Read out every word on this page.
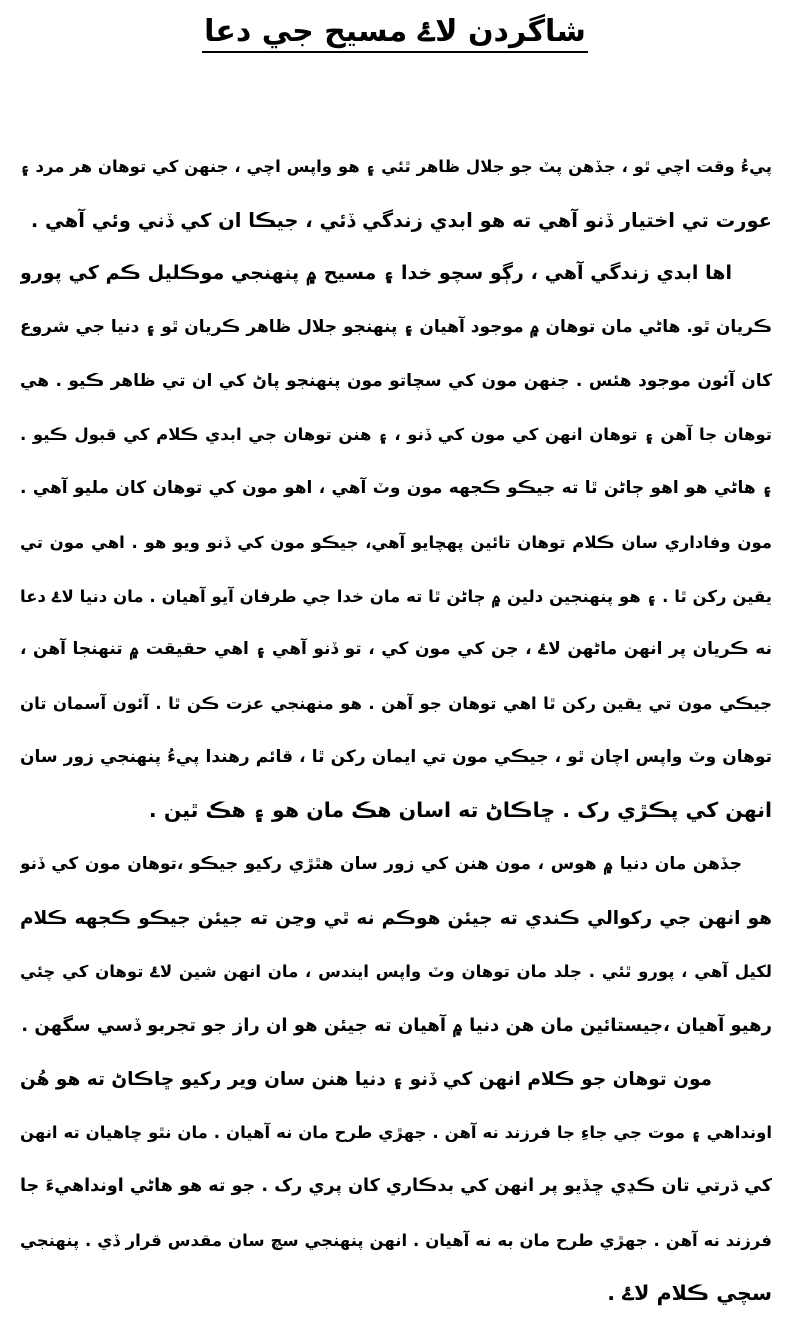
شاگردن لاۓ مسيح جي دعا
پيءُ وقت اچي ٿو ، جڏهن پٽ جو جلال ظاهر ٿئي ۽ هو واپس اچي ، جنهن کي توهان هر مرد ۽
عورت تي اختيار ڏنو آهي ته هو ابدي زندگي ڏئي ، جيڪا ان کي ڏني وئي آهي .
اها ابدي زندگي آهي ، رڳو سچو خدا ۽ مسيح ۾ پنهنجي موڪليل ڪم کي پورو
ڪريان ٿو. هاڻي مان توهان ۾ موجود آهيان ۽ پنهنجو جلال ظاهر ڪريان ٿو ۽ دنيا جي شروع
کان آئون موجود هئس . جنهن مون کي سچاتو مون پنهنجو پاڻ کي ان تي ظاهر ڪيو . هي
توهان جا آهن ۽ توهان انهن کي مون کي ڏنو ، ۽ هنن توهان جي ابدي ڪلام کي قبول ڪيو .
۽ هاڻي هو اهو ڄاڻن ٿا ته جيڪو ڪجهه مون وٽ آهي ، اهو مون کي توهان کان مليو آهي .
مون وفاداري سان ڪلام توهان تائين پهچايو آهي، جيڪو مون کي ڏنو ويو هو . اهي مون تي
يقين رکن ٿا . ۽ هو پنهنجين دلين ۾ ڄاڻن ٿا ته مان خدا جي طرفان آيو آهيان . مان دنيا لاۓ دعا
نه ڪريان پر انهن ماڻهن لاۓ ، جن کي مون کي ، تو ڏنو آهي ۽ اهي حقيقت ۾ تنهنجا آهن ،
جيڪي مون تي يقين رکن ٿا اهي توهان جو آهن . هو منهنجي عزت ڪن ٿا . آئون آسمان تان
توهان وٽ واپس اچان ٿو ، جيڪي مون تي ايمان رکن ٿا ، قائم رهندا پيءُ پنهنجي زور سان
انهن کي پڪڙي رک . ڇاڪاڻ ته اسان هڪ مان هو ۽ هڪ ٿين .
جڏهن مان دنيا ۾ هوس ، مون هنن کي زور سان هٿڙي رکيو جيڪو ،توهان مون کي ڏنو
هو انهن جي رکوالي ڪندي ته جيئن هوڪم نه ٿي وڃن ته جيئن جيڪو ڪجهه ڪلام
لکيل آهي ، پورو ٿئي . جلد مان توهان وٽ واپس ايندس ، مان انهن شين لاۓ توهان کي چئي
رهيو آهيان ،جيستائين مان هن دنيا ۾ آهيان ته جيئن هو ان راز جو تجربو ڏسي سگهن .
مون توهان جو ڪلام انهن کي ڏنو ۽ دنيا هنن سان وير رکيو ڇاڪاڻ ته هو هُن
اونداهي ۽ موت جي جاءِ جا فرزند نه آهن . جهڙي طرح مان نه آهيان . مان نٿو چاهيان ته انهن
کي ڌرتي تان ڪڍي ڇڏيو پر انهن کي بدڪاري کان پري رک . جو ته هو هاڻي اونداهيءَ جا
فرزند نه آهن . جهڙي طرح مان به نه آهيان . انهن پنهنجي سچ سان مقدس قرار ڏي . پنهنجي
سچي ڪلام لاۓ .
